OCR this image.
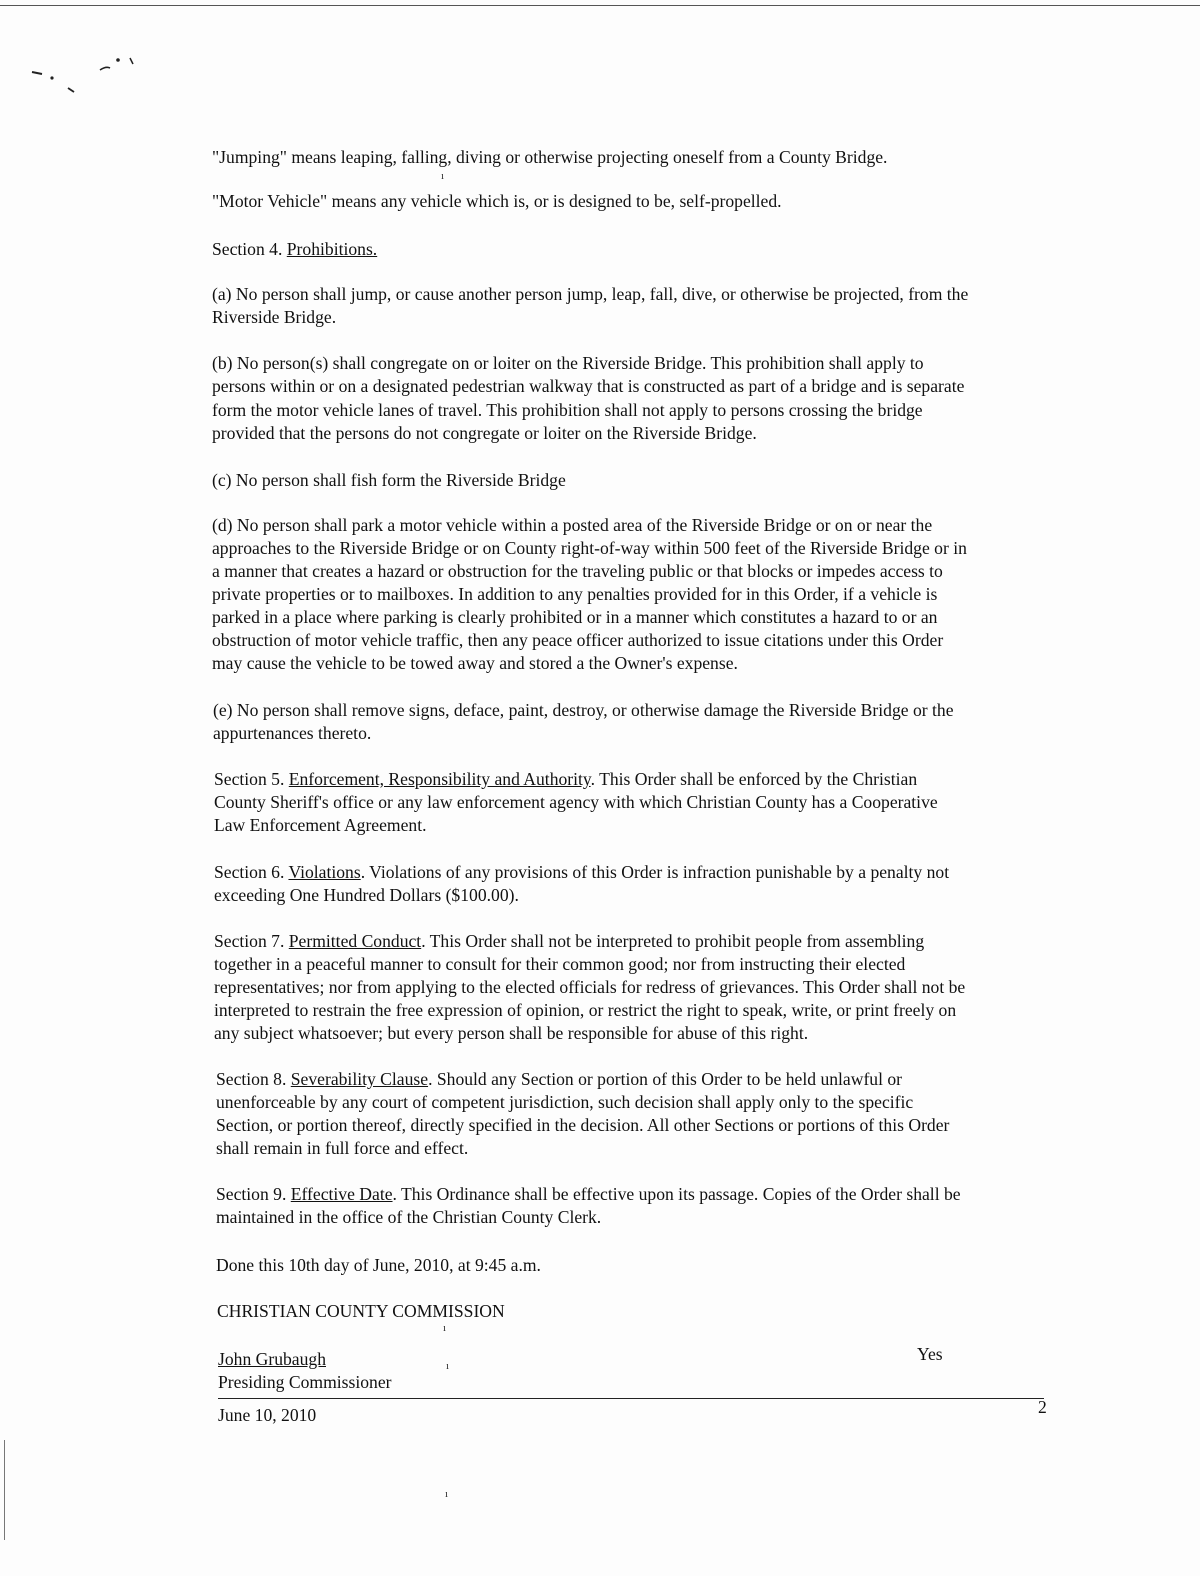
"Jumping" means leaping, falling, diving or otherwise projecting oneself from a County Bridge.

ı

"Motor Vehicle" means any vehicle which is, or is designed to be, self-propelled.

Section 4. Prohibitions.

(a) No person shall jump, or cause another person jump, leap, fall, dive, or otherwise be projected, from the

Riverside Bridge.

(b) No person(s) shall congregate on or loiter on the Riverside Bridge. This prohibition shall apply to

persons within or on a designated pedestrian walkway that is constructed as part of a bridge and is separate

form the motor vehicle lanes of travel. This prohibition shall not apply to persons crossing the bridge

provided that the persons do not congregate or loiter on the Riverside Bridge.

(c) No person shall fish form the Riverside Bridge

(d) No person shall park a motor vehicle within a posted area of the Riverside Bridge or on or near the

approaches to the Riverside Bridge or on County right-of-way within 500 feet of the Riverside Bridge or in

a manner that creates a hazard or obstruction for the traveling public or that blocks or impedes access to

private properties or to mailboxes. In addition to any penalties provided for in this Order, if a vehicle is

parked in a place where parking is clearly prohibited or in a manner which constitutes a hazard to or an

obstruction of motor vehicle traffic, then any peace officer authorized to issue citations under this Order

may cause the vehicle to be towed away and stored a the Owner's expense.

(e) No person shall remove signs, deface, paint, destroy, or otherwise damage the Riverside Bridge or the

appurtenances thereto.

Section 5. Enforcement, Responsibility and Authority. This Order shall be enforced by the Christian

County Sheriff's office or any law enforcement agency with which Christian County has a Cooperative

Law Enforcement Agreement.

Section 6. Violations. Violations of any provisions of this Order is infraction punishable by a penalty not

exceeding One Hundred Dollars ($100.00).

Section 7. Permitted Conduct. This Order shall not be interpreted to prohibit people from assembling

together in a peaceful manner to consult for their common good; nor from instructing their elected

representatives; nor from applying to the elected officials for redress of grievances. This Order shall not be

interpreted to restrain the free expression of opinion, or restrict the right to speak, write, or print freely on

any subject whatsoever; but every person shall be responsible for abuse of this right.

Section 8. Severability Clause. Should any Section or portion of this Order to be held unlawful or

unenforceable by any court of competent jurisdiction, such decision shall apply only to the specific

Section, or portion thereof, directly specified in the decision. All other Sections or portions of this Order

shall remain in full force and effect.

Section 9. Effective Date. This Ordinance shall be effective upon its passage. Copies of the Order shall be

maintained in the office of the Christian County Clerk.

Done this 10th day of June, 2010, at 9:45 a.m.

CHRISTIAN COUNTY COMMISSION

ı

John Grubaugh	ı

Yes

Presiding Commissioner

June 10, 2010	2

ı
